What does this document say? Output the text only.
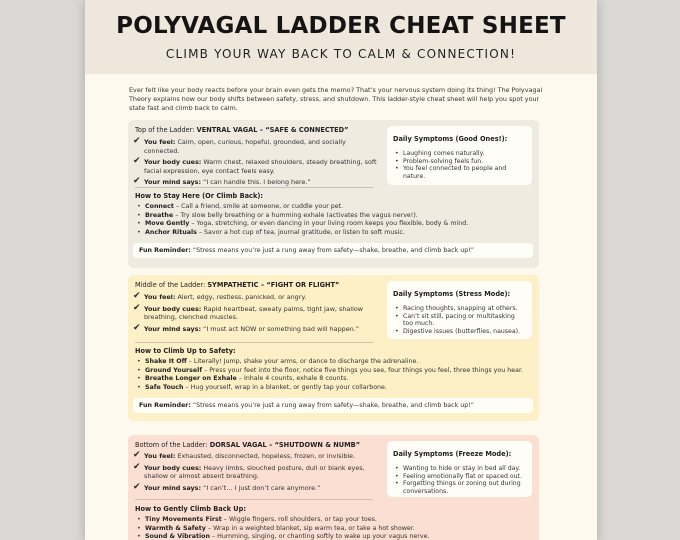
POLYVAGAL LADDER CHEAT SHEET
CLIMB YOUR WAY BACK TO CALM & CONNECTION!

Ever felt like your body reacts before your brain even gets the memo? That’s your nervous system doing its thing! The Polyvagal Theory explains how our body shifts between safety, stress, and shutdown. This ladder-style cheat sheet will help you spot your state fast and climb back to calm.

Top of the Ladder: VENTRAL VAGAL – “SAFE & CONNECTED”
✔ You feel: Calm, open, curious, hopeful, grounded, and socially connected.
✔ Your body cues: Warm chest, relaxed shoulders, steady breathing, soft facial expression, eye contact feels easy.
✔ Your mind says: “I can handle this. I belong here.”
Daily Symptoms (Good Ones!):
• Laughing comes naturally.
• Problem-solving feels fun.
• You feel connected to people and nature.
How to Stay Here (Or Climb Back):
• Connect – Call a friend, smile at someone, or cuddle your pet.
• Breathe – Try slow belly breathing or a humming exhale (activates the vagus nerve!).
• Move Gently – Yoga, stretching, or even dancing in your living room keeps you flexible, body & mind.
• Anchor Rituals – Savor a hot cup of tea, journal gratitude, or listen to soft music.
Fun Reminder: “Stress means you’re just a rung away from safety—shake, breathe, and climb back up!”
Middle of the Ladder: SYMPATHETIC – “FIGHT OR FLIGHT”
✔ You feel: Alert, edgy, restless, panicked, or angry.
✔ Your body cues: Rapid heartbeat, sweaty palms, tight jaw, shallow breathing, clenched muscles.
✔ Your mind says: “I must act NOW or something bad will happen.”
Daily Symptoms (Stress Mode):
• Racing thoughts, snapping at others.
• Can’t sit still, pacing or multitasking too much.
• Digestive issues (butterflies, nausea).
How to Climb Up to Safety:
• Shake It Off – Literally! Jump, shake your arms, or dance to discharge the adrenaline.
• Ground Yourself – Press your feet into the floor, notice five things you see, four things you feel, three things you hear.
• Breathe Longer on Exhale – Inhale 4 counts, exhale 8 counts.
• Safe Touch – Hug yourself, wrap in a blanket, or gently tap your collarbone.
Fun Reminder: “Stress means you’re just a rung away from safety—shake, breathe, and climb back up!”
Bottom of the Ladder: DORSAL VAGAL – “SHUTDOWN & NUMB”
✔ You feel: Exhausted, disconnected, hopeless, frozen, or invisible.
✔ Your body cues: Heavy limbs, slouched posture, dull or blank eyes, shallow or almost absent breathing.
✔ Your mind says: “I can’t… I just don’t care anymore.”
Daily Symptoms (Freeze Mode):
• Wanting to hide or stay in bed all day.
• Feeling emotionally flat or spaced out.
• Forgetting things or zoning out during conversations.
How to Gently Climb Back Up:
• Tiny Movements First – Wiggle fingers, roll shoulders, or tap your toes.
• Warmth & Safety – Wrap in a weighted blanket, sip warm tea, or take a hot shower.
• Sound & Vibration – Humming, singing, or chanting softly to wake up your vagus nerve.
